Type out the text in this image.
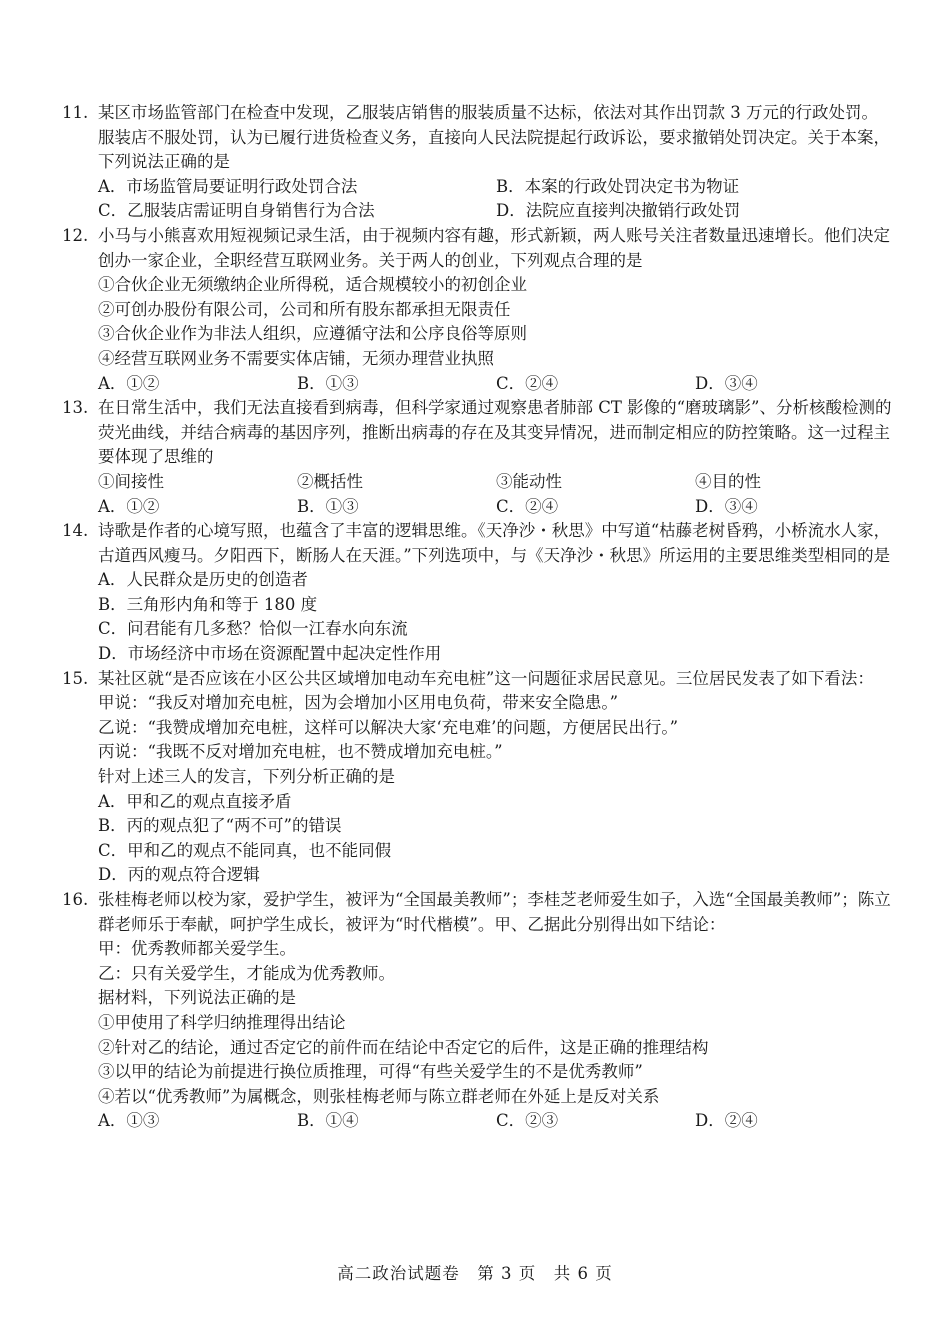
11. 某区市场监管部门在检查中发现，乙服装店销售的服装质量不达标，依法对其作出罚款 3 万元的行政处罚。服装店不服处罚，认为已履行进货检查义务，直接向人民法院提起行政诉讼，要求撤销处罚决定。关于本案，下列说法正确的是
A．市场监管局要证明行政处罚合法	B．本案的行政处罚决定书为物证
C．乙服装店需证明自身销售行为合法	D．法院应直接判决撤销行政处罚
12. 小马与小熊喜欢用短视频记录生活，由于视频内容有趣，形式新颖，两人账号关注者数量迅速增长。他们决定创办一家企业，全职经营互联网业务。关于两人的创业，下列观点合理的是
①合伙企业无须缴纳企业所得税，适合规模较小的初创企业
②可创办股份有限公司，公司和所有股东都承担无限责任
③合伙企业作为非法人组织，应遵循守法和公序良俗等原则
④经营互联网业务不需要实体店铺，无须办理营业执照
A．①②	B．①③	C．②④	D．③④
13. 在日常生活中，我们无法直接看到病毒，但科学家通过观察患者肺部 CT 影像的“磨玻璃影”、分析核酸检测的荧光曲线，并结合病毒的基因序列，推断出病毒的存在及其变异情况，进而制定相应的防控策略。这一过程主要体现了思维的
①间接性	②概括性	③能动性	④目的性
A．①②	B．①③	C．②④	D．③④
14. 诗歌是作者的心境写照，也蕴含了丰富的逻辑思维。《天净沙・秋思》中写道“枯藤老树昏鸦，小桥流水人家，古道西风瘦马。夕阳西下，断肠人在天涯。”下列选项中，与《天净沙・秋思》所运用的主要思维类型相同的是
A．人民群众是历史的创造者
B．三角形内角和等于 180 度
C．问君能有几多愁？恰似一江春水向东流
D．市场经济中市场在资源配置中起决定性作用
15. 某社区就“是否应该在小区公共区域增加电动车充电桩”这一问题征求居民意见。三位居民发表了如下看法：
甲说：“我反对增加充电桩，因为会增加小区用电负荷，带来安全隐患。”
乙说：“我赞成增加充电桩，这样可以解决大家‘充电难’的问题，方便居民出行。”
丙说：“我既不反对增加充电桩，也不赞成增加充电桩。”
针对上述三人的发言，下列分析正确的是
A．甲和乙的观点直接矛盾
B．丙的观点犯了“两不可”的错误
C．甲和乙的观点不能同真，也不能同假
D．丙的观点符合逻辑
16. 张桂梅老师以校为家，爱护学生，被评为“全国最美教师”；李桂芝老师爱生如子，入选“全国最美教师”；陈立群老师乐于奉献，呵护学生成长，被评为“时代楷模”。甲、乙据此分别得出如下结论：
甲：优秀教师都关爱学生。
乙：只有关爱学生，才能成为优秀教师。
据材料，下列说法正确的是
①甲使用了科学归纳推理得出结论
②针对乙的结论，通过否定它的前件而在结论中否定它的后件，这是正确的推理结构
③以甲的结论为前提进行换位质推理，可得“有些关爱学生的不是优秀教师”
④若以“优秀教师”为属概念，则张桂梅老师与陈立群老师在外延上是反对关系
A．①③	B．①④	C．②③	D．②④
高二政治试题卷　第 3 页　共 6 页
